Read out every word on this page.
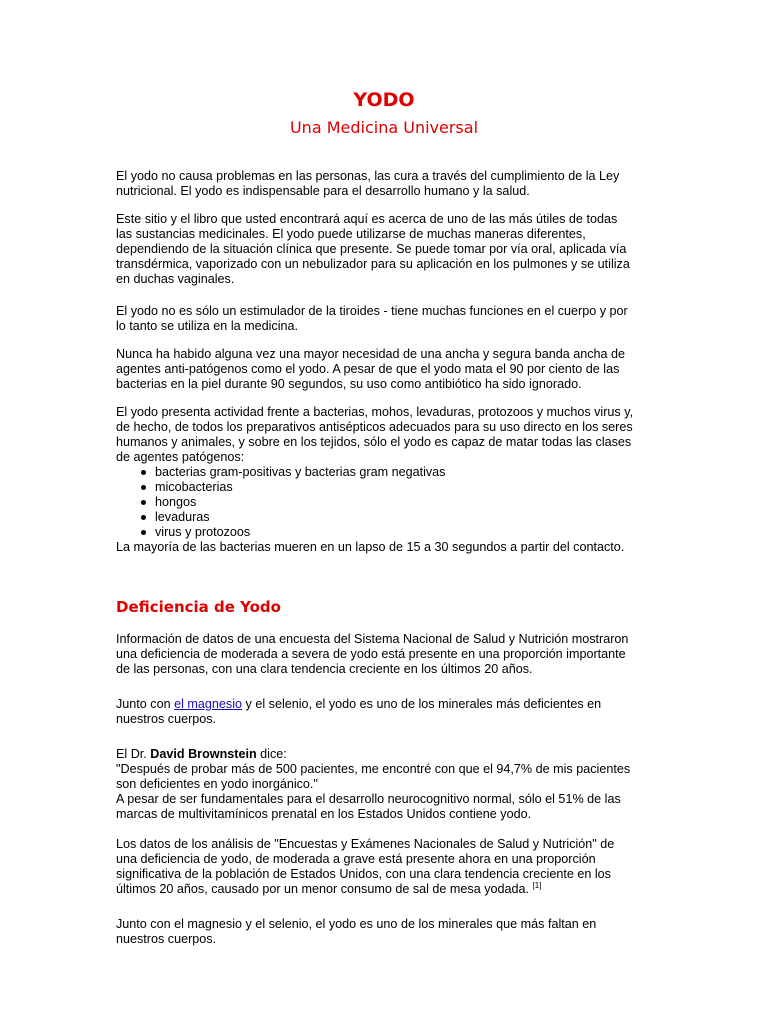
YODO
Una Medicina Universal

El yodo no causa problemas en las personas, las cura a través del cumplimiento de la Ley nutricional. El yodo es indispensable para el desarrollo humano y la salud.

Este sitio y el libro que usted encontrará aquí es acerca de uno de las más útiles de todas las sustancias medicinales. El yodo puede utilizarse de muchas maneras diferentes, dependiendo de la situación clínica que presente. Se puede tomar por vía oral, aplicada vía transdérmica, vaporizado con un nebulizador para su aplicación en los pulmones y se utiliza en duchas vaginales.

El yodo no es sólo un estimulador de la tiroides - tiene muchas funciones en el cuerpo y por lo tanto se utiliza en la medicina.

Nunca ha habido alguna vez una mayor necesidad de una ancha y segura banda ancha de agentes anti-patógenos como el yodo. A pesar de que el yodo mata el 90 por ciento de las bacterias en la piel durante 90 segundos, su uso como antibiótico ha sido ignorado.

El yodo presenta actividad frente a bacterias, mohos, levaduras, protozoos y muchos virus y, de hecho, de todos los preparativos antisépticos adecuados para su uso directo en los seres humanos y animales, y sobre en los tejidos, sólo el yodo es capaz de matar todas las clases de agentes patógenos:

bacterias gram-positivas y bacterias gram negativas
micobacterias
hongos
levaduras
virus y protozoos

La mayoría de las bacterias mueren en un lapso de 15 a 30 segundos a partir del contacto.

Deficiencia de Yodo

Información de datos de una encuesta del Sistema Nacional de Salud y Nutrición mostraron una deficiencia de moderada a severa de yodo está presente en una proporción importante de las personas, con una clara tendencia creciente en los últimos 20 años.

Junto con el magnesio y el selenio, el yodo es uno de los minerales más deficientes en nuestros cuerpos.

El Dr. David Brownstein dice:

"Después de probar más de 500 pacientes, me encontré con que el 94,7% de mis pacientes son deficientes en yodo inorgánico."

A pesar de ser fundamentales para el desarrollo neurocognitivo normal, sólo el 51% de las marcas de multivitamínicos prenatal en los Estados Unidos contiene yodo.

Los datos de los análisis de "Encuestas y Exámenes Nacionales de Salud y Nutrición" de una deficiencia de yodo, de moderada a grave está presente ahora en una proporción significativa de la población de Estados Unidos, con una clara tendencia creciente en los últimos 20 años, causado por un menor consumo de sal de mesa yodada. [1]

Junto con el magnesio y el selenio, el yodo es uno de los minerales que más faltan en nuestros cuerpos.
